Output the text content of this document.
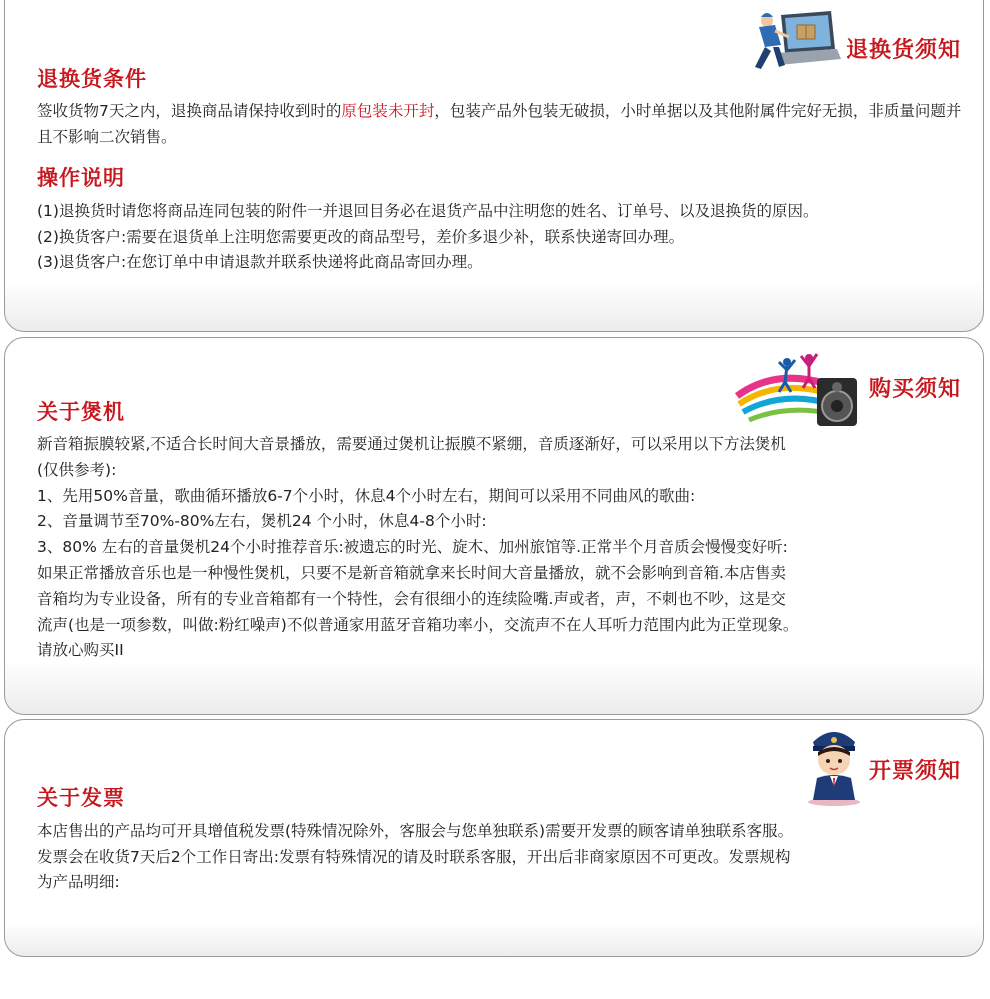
退换货须知
退换货条件

签收货物7天之内，退换商品请保持收到时的原包装未开封，包装产品外包装无破损，小时单据以及其他附属件完好无损，非质量问题并且不影响二次销售。

操作说明
(1)退换货时请您将商品连同包装的附件一并退回目务必在退货产品中注明您的姓名、订单号、以及退换货的原因。
(2)换货客户:需要在退货单上注明您需要更改的商品型号，差价多退少补，联系快递寄回办理。
(3)退货客户:在您订单中申请退款并联系快递将此商品寄回办理。
购买须知
关于煲机
新音箱振膜较紧,不适合长时间大音景播放，需要通过煲机让振膜不紧绷，音质逐渐好，可以采用以下方法煲机
(仅供参考):
1、先用50%音量，歌曲循环播放6-7个小时，休息4个小时左右，期间可以采用不同曲风的歌曲:
2、音量调节至70%-80%左右，煲机24 个小时，休息4-8个小时:
3、80% 左右的音量煲机24个小时推荐音乐:被遗忘的时光、旋木、加州旅馆等.正常半个月音质会慢慢变好听:
如果正常播放音乐也是一种慢性煲机，只要不是新音箱就拿来长时间大音量播放，就不会影响到音箱.本店售卖
音箱均为专业设备，所有的专业音箱都有一个特性，会有很细小的连续险嘴.声或者，声，不刺也不吵，这是交
流声(也是一项参数，叫做:粉红噪声)不似普通家用蓝牙音箱功率小，交流声不在人耳听力范围内此为正堂现象。
请放心购买II
开票须知
关于发票
本店售出的产品均可开具增值税发票(特殊情况除外，客服会与您单独联系)需要开发票的顾客请单独联系客服。
发票会在收货7天后2个工作日寄出:发票有特殊情况的请及时联系客服，开出后非商家原因不可更改。发票规构
为产品明细:
